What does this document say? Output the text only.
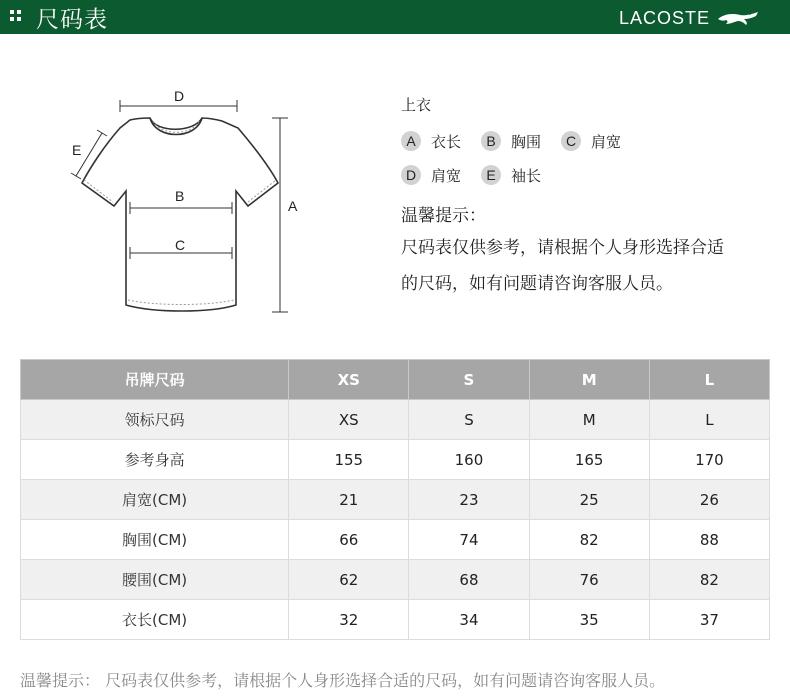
尺码表	LACOSTE
D
A
B
C
E
上衣
A	衣长	B	胸围	C 肩宽
D 肩宽	E	袖长
温馨提示：
尺码表仅供参考，请根据个人身形选择合适
的尺码，如有问题请咨询客服人员。
吊牌尺码	XS	S	M	L
领标尺码	XS	S	M	L
参考身高	155	160	165	170
肩宽(CM)	21	23	25	26
胸围(CM)	66	74	82	88
腰围(CM)	62	68	76	82
衣长(CM)	32	34	35	37
温馨提示： 尺码表仅供参考，请根据个人身形选择合适的尺码，如有问题请咨询客服人员。
